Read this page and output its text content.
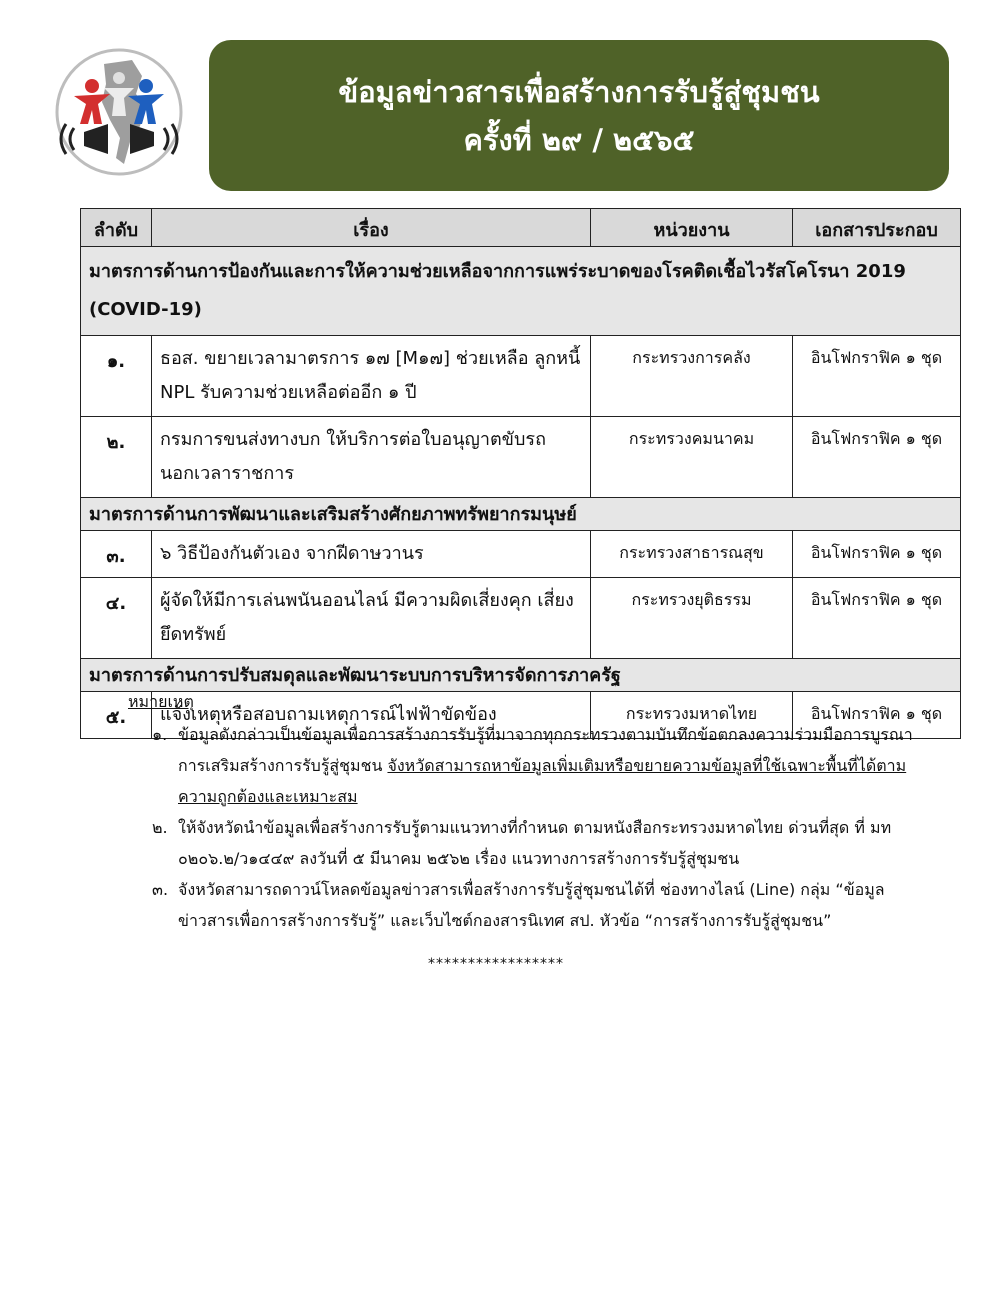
ข้อมูลข่าวสารเพื่อสร้างการรับรู้สู่ชุมชน
ครั้งที่ ๒๙ / ๒๕๖๕
ลำดับ	เรื่อง	หน่วยงาน	เอกสารประกอบ
มาตรการด้านการป้องกันและการให้ความช่วยเหลือจากการแพร่ระบาดของโรคติดเชื้อไวรัสโคโรนา 2019 (COVID-19)			
๑.	ธอส. ขยายเวลามาตรการ ๑๗ [M๑๗] ช่วยเหลือ ลูกหนี้ NPL รับความช่วยเหลือต่ออีก ๑ ปี	กระทรวงการคลัง	อินโฟกราฟิค ๑ ชุด
๒.	กรมการขนส่งทางบก ให้บริการต่อใบอนุญาตขับรถ นอกเวลาราชการ	กระทรวงคมนาคม	อินโฟกราฟิค ๑ ชุด
มาตรการด้านการพัฒนาและเสริมสร้างศักยภาพทรัพยากรมนุษย์			
๓.	๖ วิธีป้องกันตัวเอง จากฝีดาษวานร	กระทรวงสาธารณสุข	อินโฟกราฟิค ๑ ชุด
๔.	ผู้จัดให้มีการเล่นพนันออนไลน์ มีความผิดเสี่ยงคุก เสี่ยงยึดทรัพย์	กระทรวงยุติธรรม	อินโฟกราฟิค ๑ ชุด
มาตรการด้านการปรับสมดุลและพัฒนาระบบการบริหารจัดการภาครัฐ			
๕.	แจ้งเหตุหรือสอบถามเหตุการณ์ไฟฟ้าขัดข้อง	กระทรวงมหาดไทย	อินโฟกราฟิค ๑ ชุด
หมายเหตุ
๑. ข้อมูลดังกล่าวเป็นข้อมูลเพื่อการสร้างการรับรู้ที่มาจากทุกกระทรวงตามบันทึกข้อตกลงความร่วมมือการบูรณาการเสริมสร้างการรับรู้สู่ชุมชน จังหวัดสามารถหาข้อมูลเพิ่มเติมหรือขยายความข้อมูลที่ใช้เฉพาะพื้นที่ได้ตามความถูกต้องและเหมาะสม
๒. ให้จังหวัดนำข้อมูลเพื่อสร้างการรับรู้ตามแนวทางที่กำหนด ตามหนังสือกระทรวงมหาดไทย ด่วนที่สุด ที่ มท ๐๒๐๖.๒/ว๑๔๔๙ ลงวันที่ ๕ มีนาคม ๒๕๖๒ เรื่อง แนวทางการสร้างการรับรู้สู่ชุมชน
๓. จังหวัดสามารถดาวน์โหลดข้อมูลข่าวสารเพื่อสร้างการรับรู้สู่ชุมชนได้ที่ ช่องทางไลน์ (Line) กลุ่ม “ข้อมูลข่าวสารเพื่อการสร้างการรับรู้” และเว็บไซต์กองสารนิเทศ สป. หัวข้อ “การสร้างการรับรู้สู่ชุมชน”
*****************
